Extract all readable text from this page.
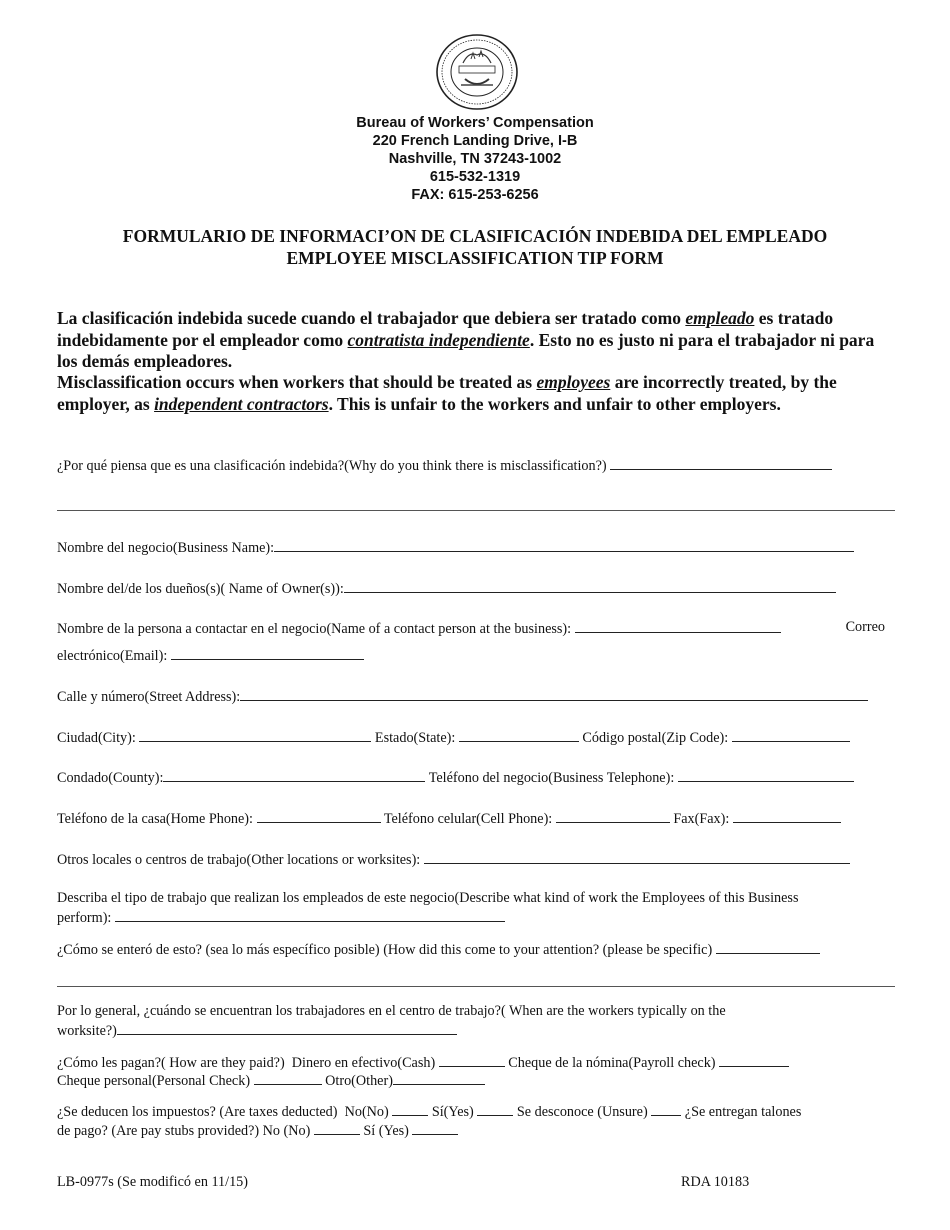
Bureau of Workers’ Compensation
220 French Landing Drive, I-B
Nashville, TN 37243-1002
615-532-1319
FAX: 615-253-6256
FORMULARIO DE INFORMACI’ON DE CLASIFICACIÓN INDEBIDA DEL EMPLEADO
EMPLOYEE MISCLASSIFICATION TIP FORM
La clasificación indebida sucede cuando el trabajador que debiera ser tratado como empleado es tratado indebidamente por el empleador como contratista independiente. Esto no es justo ni para el trabajador ni para los demás empleadores.
Misclassification occurs when workers that should be treated as employees are incorrectly treated, by the employer, as independent contractors. This is unfair to the workers and unfair to other employers.
¿Por qué piensa que es una clasificación indebida?(Why do you think there is misclassification?)
Nombre del negocio(Business Name):
Nombre del/de los dueños(s)( Name of Owner(s)):
Nombre de la persona a contactar en el negocio(Name of a contact person at the business):	Correo
electrónico(Email):
Calle y número(Street Address):
Ciudad(City):	Estado(State):	Código postal(Zip Code):
Condado(County):	Teléfono del negocio(Business Telephone):
Teléfono de la casa(Home Phone):	Teléfono celular(Cell Phone):	Fax(Fax):
Otros locales o centros de trabajo(Other locations or worksites):
Describa el tipo de trabajo que realizan los empleados de este negocio(Describe what kind of work the Employees of this Business
perform):
¿Cómo se enteró de esto? (sea lo más específico posible) (How did this come to your attention? (please be specific)
Por lo general, ¿cuándo se encuentran los trabajadores en el centro de trabajo?( When are the workers typically on the
worksite?)
¿Cómo les pagan?( How are they paid?) Dinero en efectivo(Cash)	Cheque de la nómina(Payroll check)
Cheque personal(Personal Check)	Otro(Other)
¿Se deducen los impuestos? (Are taxes deducted) No(No)	Sí(Yes)	Se desconoce (Unsure)	¿Se entregan talones
de pago? (Are pay stubs provided?) No (No)	Sí (Yes)
LB-0977s (Se modificó en 11/15)	RDA 10183
